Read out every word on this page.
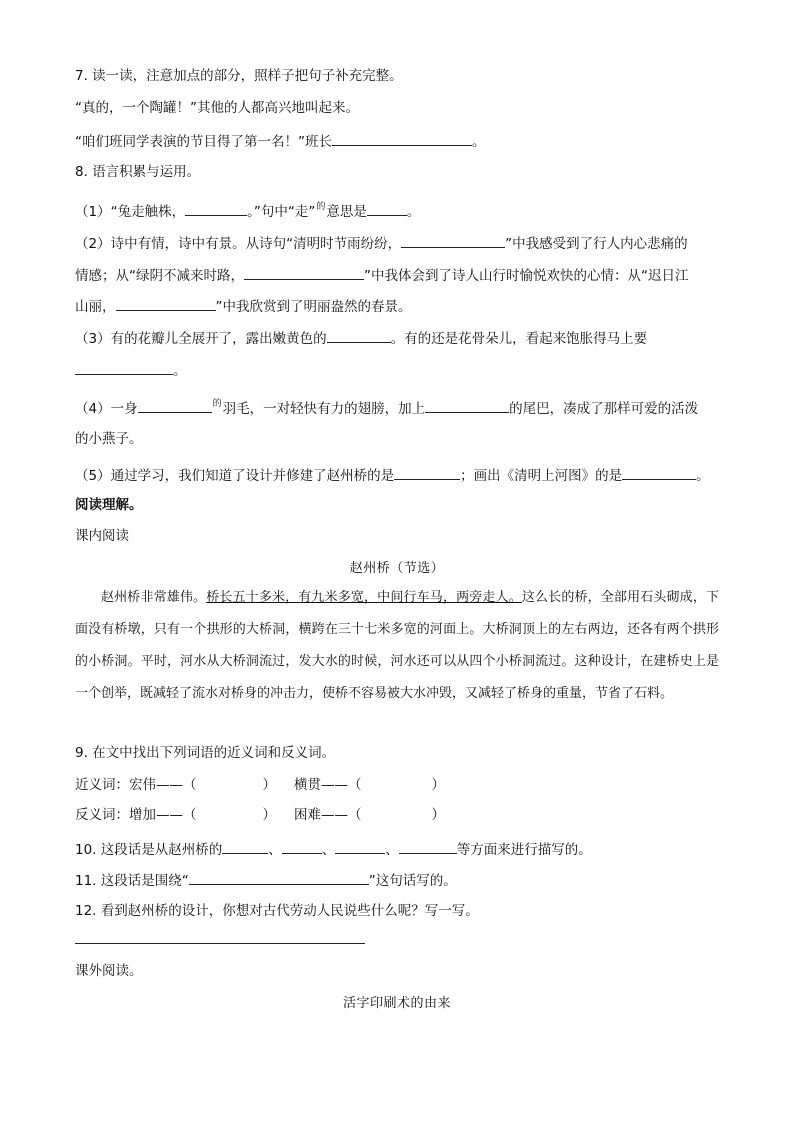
7. 读一读，注意加点的部分，照样子把句子补充完整。
“真的，一个陶罐！”其他的人都高兴地叫起来。
“咱们班同学表演的节目得了第一名！”班长	。
8. 语言积累与运用。
（1）“兔走触株，	。”句中“走”$^的$意思是	。
（2）诗中有情，诗中有景。从诗句“清明时节雨纷纷，	”中我感受到了行人内心悲痛的
情感；从“绿阴不减来时路，	”中我体会到了诗人山行时愉悦欢快的心情：从“迟日江
山丽，	”中我欣赏到了明丽盎然的春景。
（3）有的花瓣儿全展开了，露出嫩黄色的	。有的还是花骨朵儿，看起来饱胀得马上要
。
（4）一身	$^的$羽毛，一对轻快有力的翅膀，加上	的尾巴，凑成了那样可爱的活泼
的小燕子。
（5）通过学习，我们知道了设计并修建了赵州桥的是	；画出《清明上河图》的是	。
阅读理解。
课内阅读
赵州桥（节选）

赵州桥非常雄伟。桥长五十多米，有九米多宽，中间行车马，两旁走人。这么长的桥，全部用石头砌成，下面没有桥墩，只有一个拱形的大桥洞，横跨在三十七米多宽的河面上。大桥洞顶上的左右两边，还各有两个拱形的小桥洞。平时，河水从大桥洞流过，发大水的时候，河水还可以从四个小桥洞流过。这种设计，在建桥史上是一个创举，既减轻了流水对桥身的冲击力，使桥不容易被大水冲毁，又减轻了桥身的重量，节省了石料。

9. 在文中找出下列词语的近义词和反义词。
近义词：宏伟——（	） 横贯——（	）
反义词：增加——（	） 困难——（	）
10. 这段话是从赵州桥的	、	、	、	等方面来进行描写的。
11. 这段话是围绕“	”这句话写的。
12. 看到赵州桥的设计，你想对古代劳动人民说些什么呢？写一写。
课外阅读。
活字印刷术的由来
